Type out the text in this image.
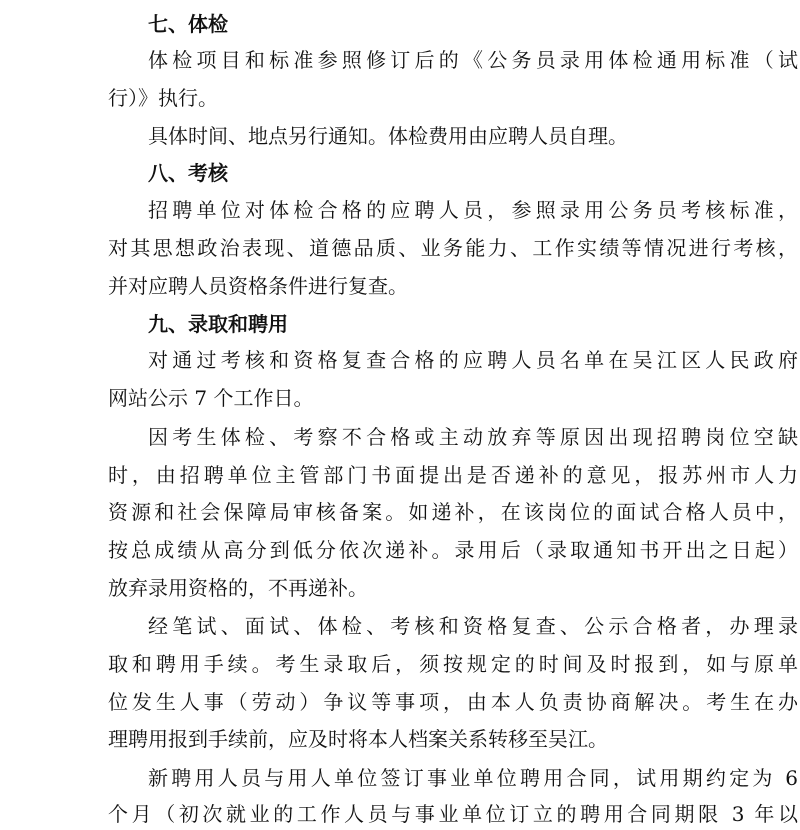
七、体检
体检项目和标准参照修订后的《公务员录用体检通用标准（试
行）》执行。
具体时间、地点另行通知。体检费用由应聘人员自理。
八、考核
招聘单位对体检合格的应聘人员，参照录用公务员考核标准，
对其思想政治表现、道德品质、业务能力、工作实绩等情况进行考核，
并对应聘人员资格条件进行复查。
九、录取和聘用
对通过考核和资格复查合格的应聘人员名单在吴江区人民政府
网站公示 7 个工作日。
因考生体检、考察不合格或主动放弃等原因出现招聘岗位空缺
时，由招聘单位主管部门书面提出是否递补的意见，报苏州市人力
资源和社会保障局审核备案。如递补，在该岗位的面试合格人员中，
按总成绩从高分到低分依次递补。录用后（录取通知书开出之日起）
放弃录用资格的，不再递补。
经笔试、面试、体检、考核和资格复查、公示合格者，办理录
取和聘用手续。考生录取后，须按规定的时间及时报到，如与原单
位发生人事（劳动）争议等事项，由本人负责协商解决。考生在办
理聘用报到手续前，应及时将本人档案关系转移至吴江。
新聘用人员与用人单位签订事业单位聘用合同，试用期约定为 6
个月（初次就业的工作人员与事业单位订立的聘用合同期限 3 年以
